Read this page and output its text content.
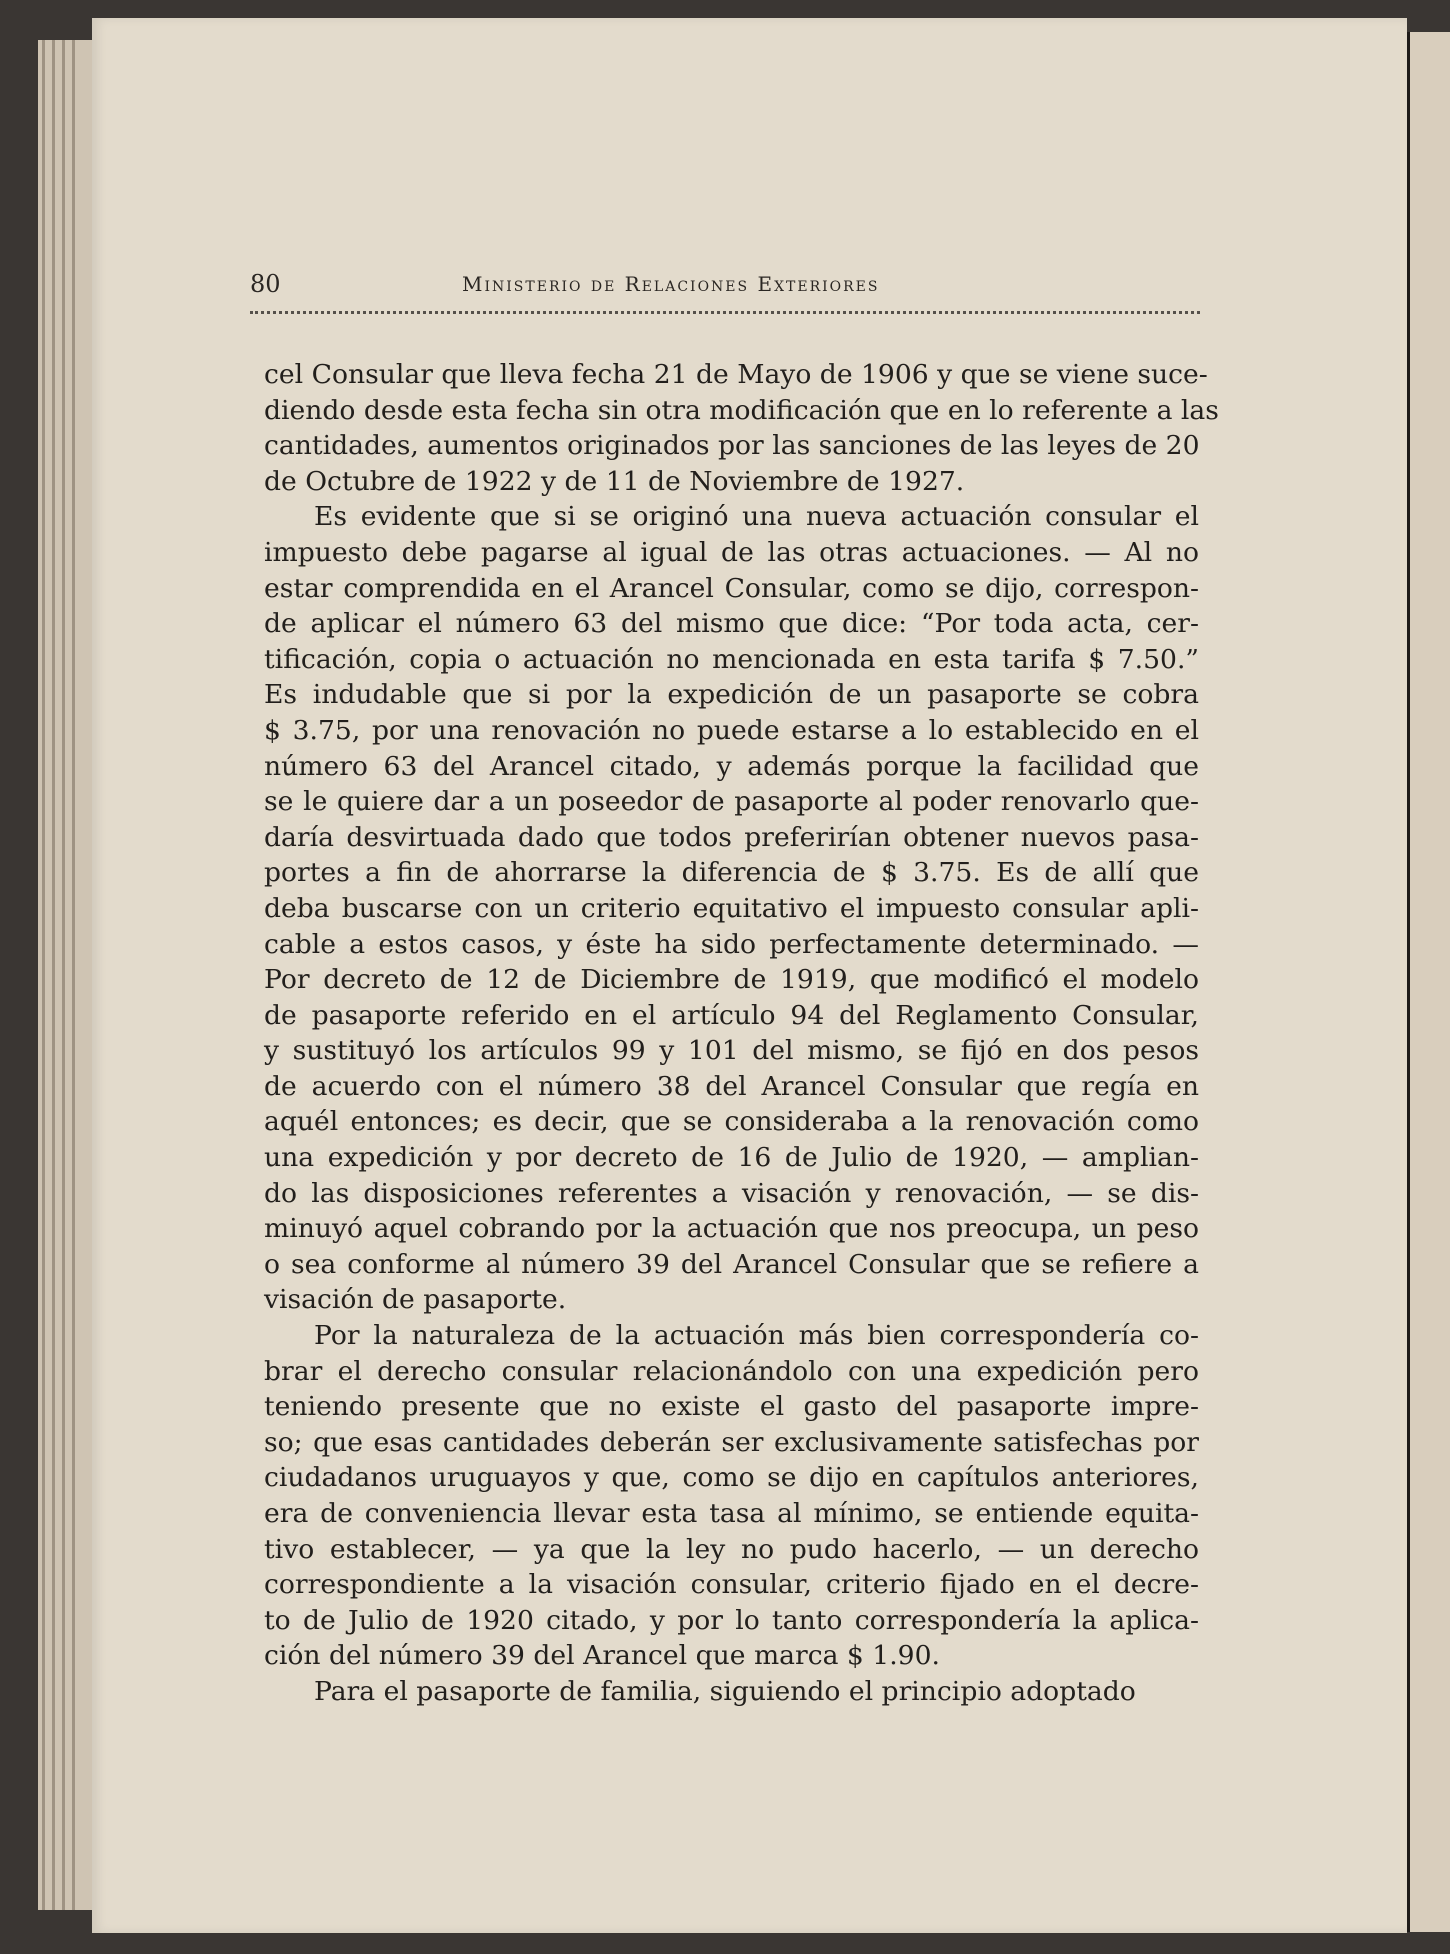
80	Ministerio de Relaciones Exteriores
cel Consular que lleva fecha 21 de Mayo de 1906 y que se viene suce-
diendo desde esta fecha sin otra modificación que en lo referente a las
cantidades, aumentos originados por las sanciones de las leyes de 20
de Octubre de 1922 y de 11 de Noviembre de 1927.
Es evidente que si se originó una nueva actuación consular el
impuesto debe pagarse al igual de las otras actuaciones. — Al no
estar comprendida en el Arancel Consular, como se dijo, correspon-
de aplicar el número 63 del mismo que dice: “Por toda acta, cer-
tificación, copia o actuación no mencionada en esta tarifa $ 7.50.”
Es indudable que si por la expedición de un pasaporte se cobra
$ 3.75, por una renovación no puede estarse a lo establecido en el
número 63 del Arancel citado, y además porque la facilidad que
se le quiere dar a un poseedor de pasaporte al poder renovarlo que-
daría desvirtuada dado que todos preferirían obtener nuevos pasa-
portes a fin de ahorrarse la diferencia de $ 3.75. Es de allí que
deba buscarse con un criterio equitativo el impuesto consular apli-
cable a estos casos, y éste ha sido perfectamente determinado. —
Por decreto de 12 de Diciembre de 1919, que modificó el modelo
de pasaporte referido en el artículo 94 del Reglamento Consular,
y sustituyó los artículos 99 y 101 del mismo, se fijó en dos pesos
de acuerdo con el número 38 del Arancel Consular que regía en
aquél entonces; es decir, que se consideraba a la renovación como
una expedición y por decreto de 16 de Julio de 1920, — amplian-
do las disposiciones referentes a visación y renovación, — se dis-
minuyó aquel cobrando por la actuación que nos preocupa, un peso
o sea conforme al número 39 del Arancel Consular que se refiere a
visación de pasaporte.
Por la naturaleza de la actuación más bien correspondería co-
brar el derecho consular relacionándolo con una expedición pero
teniendo presente que no existe el gasto del pasaporte impre-
so; que esas cantidades deberán ser exclusivamente satisfechas por
ciudadanos uruguayos y que, como se dijo en capítulos anteriores,
era de conveniencia llevar esta tasa al mínimo, se entiende equita-
tivo establecer, — ya que la ley no pudo hacerlo, — un derecho
correspondiente a la visación consular, criterio fijado en el decre-
to de Julio de 1920 citado, y por lo tanto correspondería la aplica-
ción del número 39 del Arancel que marca $ 1.90.
Para el pasaporte de familia, siguiendo el principio adoptado
